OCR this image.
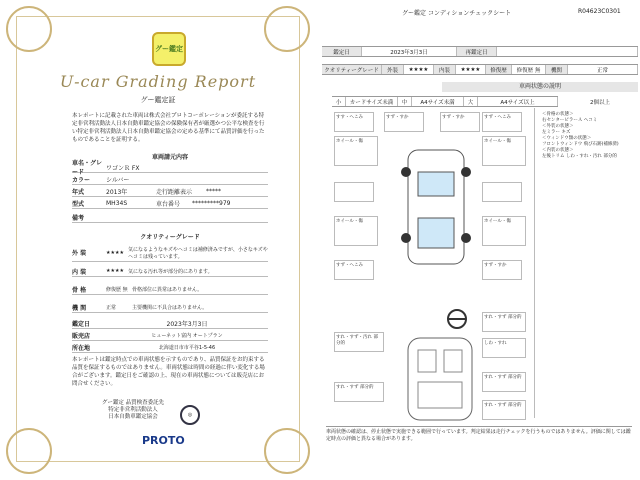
グー鑑定
U-car Grading Report
グー鑑定証
本レポートに記載された車両は株式会社プロトコーポレーションが委託する特定非営利活動法人日本自動車鑑定協会の保険保有者が厳選かつ公平な検査を行い特定非営利活動法人日本自動車鑑定協会の定める基準にて品質評価を行ったものであることを証明する。
車両請元内容
車名・グレード
ワゴンＲ FX
カラー	シルバー
年式	2013年	走行距離表示	*****
型式	MH34S	車台番号	*********979
備考
クオリティーグレード
外 装	★★★★ 気になるようなキズやヘコミは補修済みですが、小さなキズやヘコミは残っています。
内 装	★★★★ 気になる汚れ等が部分的にあります。
骨 格	修復歴 無 骨格部位に異常はありません。
機 関	正常	主要機関に不具合はありません。
鑑定日	2023年3月3日
販売店	ヒューネット富内 オートプラン
所在地	北海道日市市平谷1-5-46
本レポートは鑑定時点での車両状態を示すものであり、品質保証をお約束する品質を保証するものではありません。車両状態は時間の経過に伴い変化する場合がございます。鑑定日をご確認の上、現在の車両状態については販売店にお問合せください。
グー鑑定 品質検査委託先
特定非営利活動法人
日本自動車鑑定協会	◎
PROTO
グー鑑定 コンディションチェックシート	R04623C0301
鑑定日	2023年3月3日	再鑑定日
クオリティーグレード	外装	★★★★	内装	★★★★	修復歴	修復歴 無	機関	正常
車両状態の説明
小	カードサイズ未満	中	A4サイズ未満	大	A4サイズ以上	2個以上
すす・へこみ	すず・すか	すず・すか	すず・へこみ
ホイール・傷	ホイール・傷
ホイール・傷	ホイール・傷
すず・へこみ	すず・すか
すれ・すず・汚れ 部分的
すれ・すず 部分的
しわ・すれ
すれ・すず 部分的
すれ・すず 部分的
すれ・すず 部分的
＜骨格の状態＞
右センターピラーＡ ヘコミ
＜外装の状態＞
左ミラー キズ
＜ウィンドウ類の状態＞
フロントウィンドウ 飛び石跡(補修済)
＜内装の状態＞
左後トリム しわ・すれ・汚れ 部分的
車両状態の確認は、停止状態で実施できる範囲で行っています。判定結果は走行チェックを行うものではありません。評価に関しては鑑定時点の評価と異なる場合があります。
